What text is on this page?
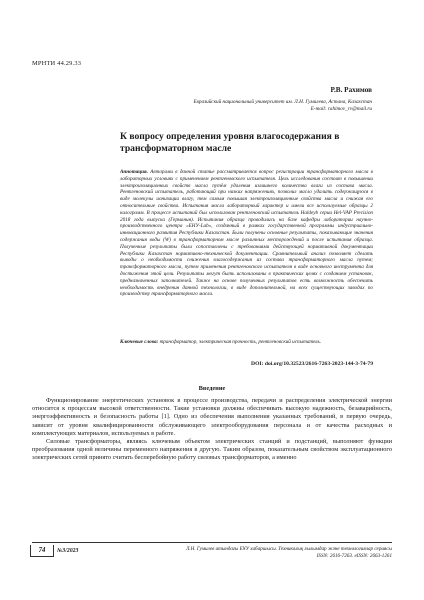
МРНТИ 44.29.33
Р.В. Рахимов
Евразийский национальный университет им. Л.Н. Гумилева, Астана, Казахстан
E-mail: rahimov_rv@mail.ru
К вопросу определения уровня влагосодержания в трансформаторном масле
Аннотация. Авторами в данной статье рассматривается вопрос регистрации трансформаторного масла в лабораторных условиях с применением рентгеновского испытателя. Цель исследования состоит в повышении электроизоляционных свойств масла путём удаления излишнего количества влаги из состава масла. Рентгеновский испытатель, работающий при низких напряжениях, позволил масло удалить содержащуюся в виде молекулы ионизации влагу, тем самым повышая электроизоляционные свойства масла и снижая его относительные свойства. Испытания масла лабораторный характер и имели все используемые образцы 2 килограмм. В процессе испытаний был использован рентгеновский испытатель Haldeyb серии Hel-VAP Precision 2018 года выпуска (Германия). Испытания образца проводились на базе кафедры лаборатории научно-производственного центра «ЕНУ-Lab», созданный в рамках государственной программы индустриально-инновационного развития Республики Казахстан. Были получены основные результаты, показывающие значения содержания воды (W) в трансформаторном масле различных месторождений и после испытания образца. Полученные результаты были сопоставлены с требованиями действующей нормативной документации Республики Казахстан нормативно-технической документации. Сравнительный анализ позволяет сделать выводы о необходимости снижения влагосодержания из состава трансформаторного масла путем; трансформаторного масла, путем применения рентгеновского испытателя в виде основного инструмента для достижения этой цели. Результаты могут быть использованы в практических целях с созданием установок, предназначенных заполнителей. Также на основе полученных результатов есть возможность обеспечить необходимость внедрения данной технологии, в виде дополнительной, на всех существующих заводах по производству трансформаторного масла.
Ключевые слова: трансформатор, электрическая прочность, рентгеновский испытатель.
DOI: doi.org/10.32523/2616-7263-2023-144-3-74-79
Введение

Функционирование энергетических установок в процессе производства, передачи и распределения электрической энергии относится к процессам высокой ответственности. Такие установки должны обеспечивать высокую надежность, безаварийность, энергоэффективность и безопасность работы [1]. Одно из обеспечения выполнения указанных требований, в первую очередь, зависит от уровня квалифицированности обслуживающего электрооборудования персонала и от качества расходных и комплектующих материалов, используемых в работе.

Силовые трансформаторы, являясь ключевым объектом электрических станций и подстанций, выполняют функции преобразования одной величины переменного напряжения в другую. Таким образом, показательным свойством эксплуатационного электрических сетей принято считать бесперебойную работу силовых трансформаторов, а именно

74	№3/2023	Л.Н. Гумилев атындағы ЕҰУ хабаршысы. Техникалық ғылымдар және технологиялар сериясы
ISSN: 2616-7263. eISSN: 2663-1261
